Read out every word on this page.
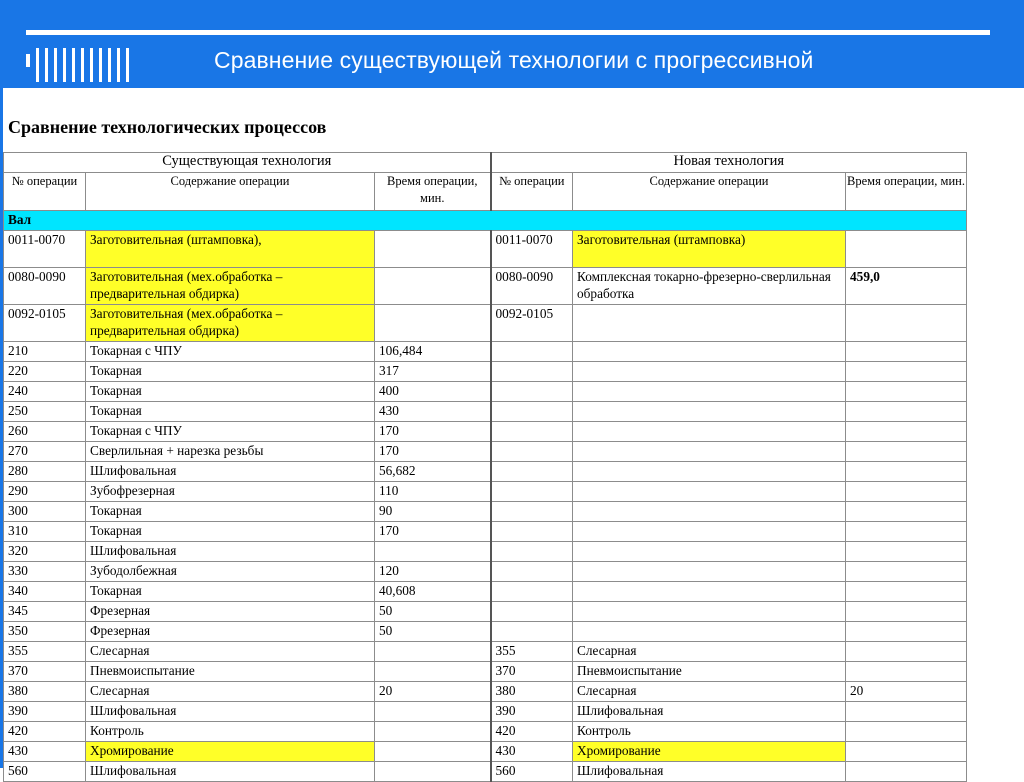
Сравнение существующей технологии с прогрессивной
Сравнение технологических процессов
Существующая технология			Новая технология		
№ операции	Содержание операции	Время операции, мин.	№ операции	Содержание операции	Время операции, мин.
Вал					
0011-0070	Заготовительная (штамповка),		0011-0070	Заготовительная (штамповка)	
0080-0090	Заготовительная (мех.обработка – предварительная обдирка)		0080-0090	Комплексная токарно-фрезерно-сверлильная обработка	459,0
0092-0105	Заготовительная (мех.обработка – предварительная обдирка)		0092-0105		
210	Токарная с ЧПУ	106,484			
220	Токарная	317			
240	Токарная	400			
250	Токарная	430			
260	Токарная с ЧПУ	170			
270	Сверлильная + нарезка резьбы	170			
280	Шлифовальная	56,682			
290	Зубофрезерная	110			
300	Токарная	90			
310	Токарная	170			
320	Шлифовальная				
330	Зубодолбежная	120			
340	Токарная	40,608			
345	Фрезерная	50			
350	Фрезерная	50			
355	Слесарная		355	Слесарная	
370	Пневмоиспытание		370	Пневмоиспытание	
380	Слесарная	20	380	Слесарная	20
390	Шлифовальная		390	Шлифовальная	
420	Контроль		420	Контроль	
430	Хромирование		430	Хромирование	
560	Шлифовальная		560	Шлифовальная	
